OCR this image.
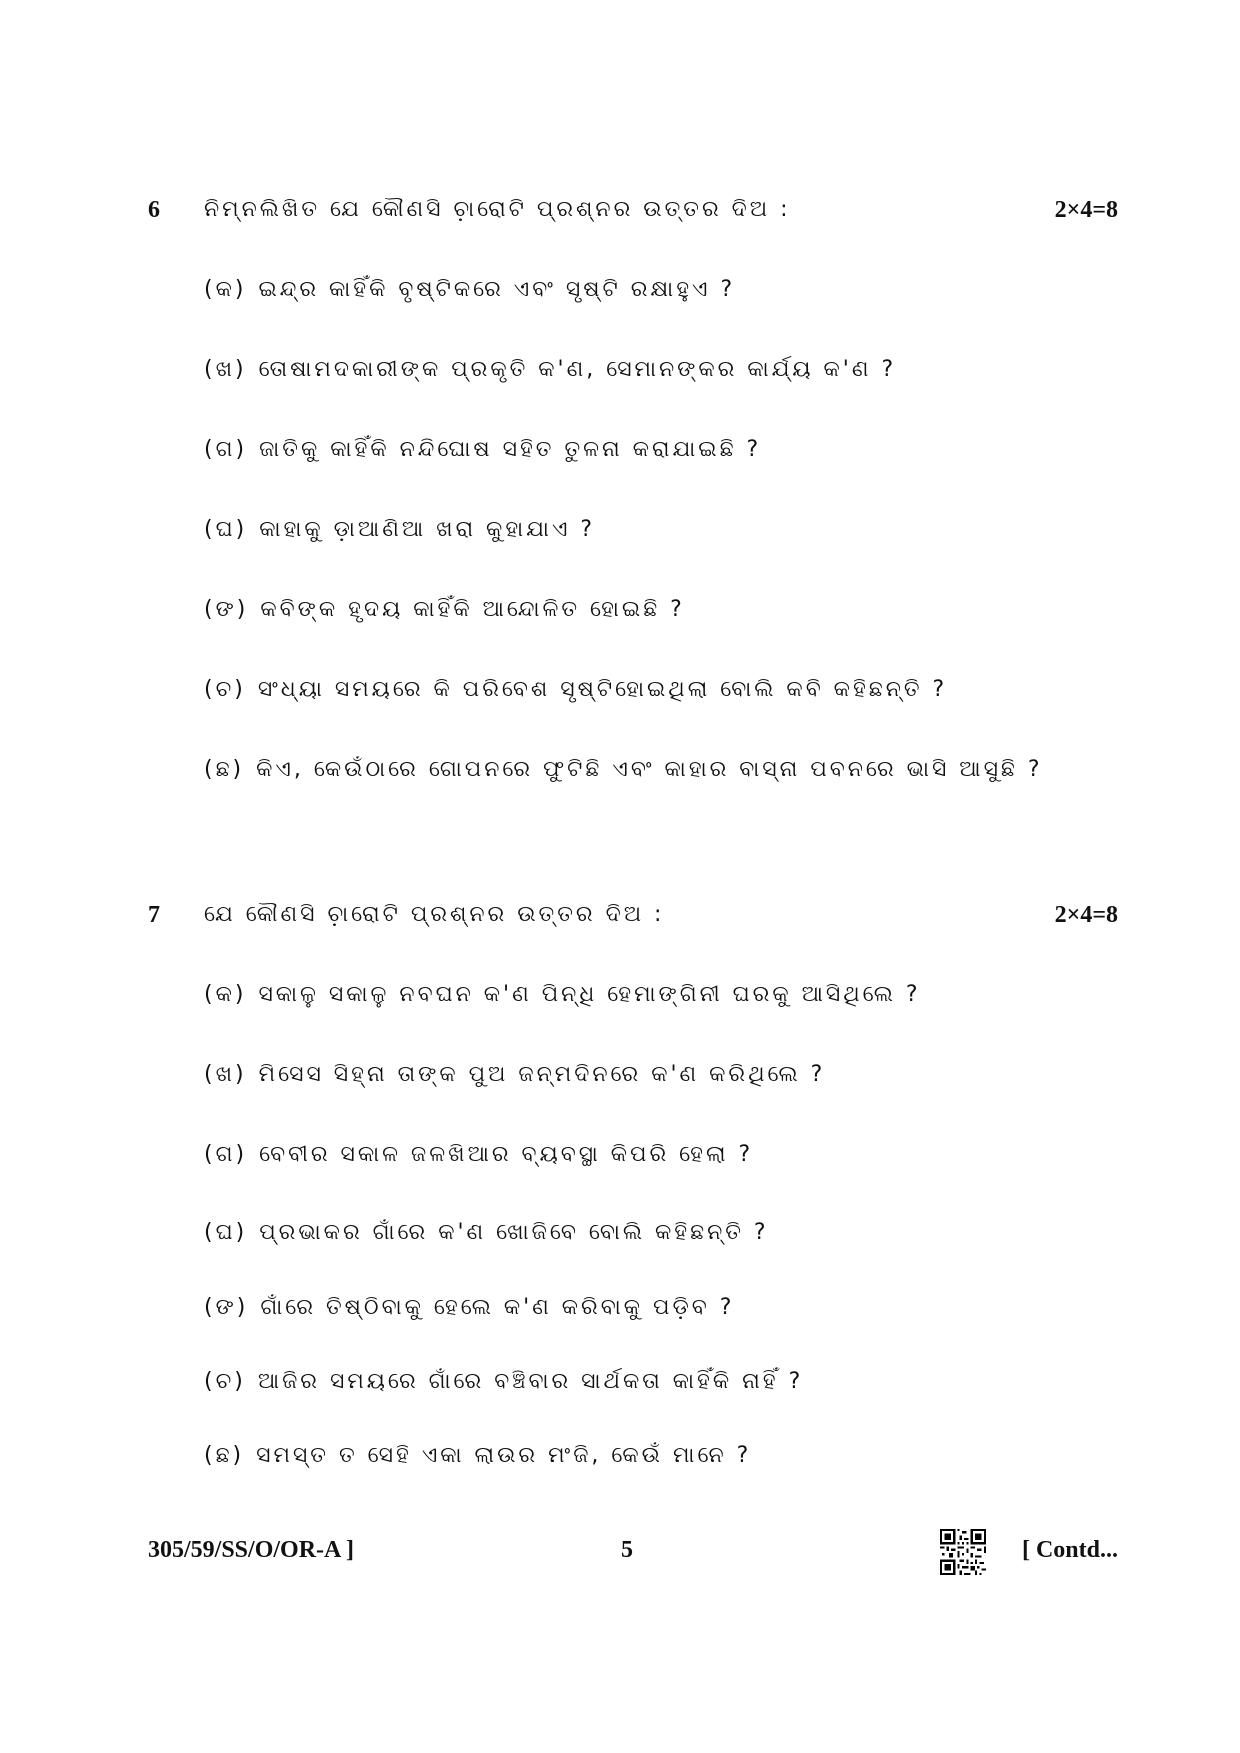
6 ନିମ୍ନଲିଖିତ ଯେ କୌଣସି ଚ଼ାରୋଟି ପ୍ରଶ୍ନର ଉତ୍ତର ଦିଅ :	2×4=8
(କ) ଇନ୍ଦ୍ର କାହିଁକି ବୃଷ୍ଟିକରେ ଏବଂ ସୃଷ୍ଟି ରକ୍ଷାହୁଏ ?
(ଖ) ତୋଷାମଦକାରୀଙ୍କ ପ୍ରକୃତି କ'ଣ, ସେମାନଙ୍କର କାର୍ଯ୍ୟ କ'ଣ ?
(ଗ) ଜାତିକୁ କାହିଁକି ନନ୍ଦିଘୋଷ ସହିତ ତୁଳନା କରାଯାଇଛି ?
(ଘ) କାହାକୁ ଡ଼ାଆଣିଆ ଖରା କୁହାଯାଏ ?
(ଙ) କବିଙ୍କ ହୃଦୟ କାହିଁକି ଆନ୍ଦୋଳିତ ହୋଇଛି ?
(ଚ) ସଂଧ୍ୟା ସମୟରେ କି ପରିବେଶ ସୃଷ୍ଟିହୋଇଥିଲା ବୋଲି କବି କହିଛନ୍ତି ?
(ଛ) କିଏ, କେଉଁଠାରେ ଗୋପନରେ ଫୁଟିଛି ଏବଂ କାହାର ବାସ୍ନା ପବନରେ ଭାସି ଆସୁଛି ?
7 ଯେ କୌଣସି ଚ଼ାରୋଟି ପ୍ରଶ୍ନର ଉତ୍ତର ଦିଅ :	2×4=8
(କ) ସକାଳୁ ସକାଳୁ ନବଘନ କ'ଣ ପିନ୍ଧି ହେମାଙ୍ଗିନୀ ଘରକୁ ଆସିଥିଲେ ?
(ଖ) ମିସେସ ସିହ୍ନା ତାଙ୍କ ପୁଅ ଜନ୍ମଦିନରେ କ'ଣ କରିଥିଲେ ?
(ଗ) ବେବୀର ସକାଳ ଜଳଖିଆର ବ୍ୟବସ୍ଥା କିପରି ହେଲା ?
(ଘ) ପ୍ରଭାକର ଗାଁରେ କ'ଣ ଖୋଜିବେ ବୋଲି କହିଛନ୍ତି ?
(ଙ) ଗାଁରେ ତିଷ୍ଠିବାକୁ ହେଲେ କ'ଣ କରିବାକୁ ପଡ଼ିବ ?
(ଚ) ଆଜିର ସମୟରେ ଗାଁରେ ବଞ୍ଚିବାର ସାର୍ଥକତା କାହିଁକି ନାହିଁ ?
(ଛ) ସମସ୍ତ ତ ସେହି ଏକା ଲାଉର ମଂଜି, କେଉଁ ମାନେ ?
305/59/SS/O/OR-A ]	5	[ Contd...
